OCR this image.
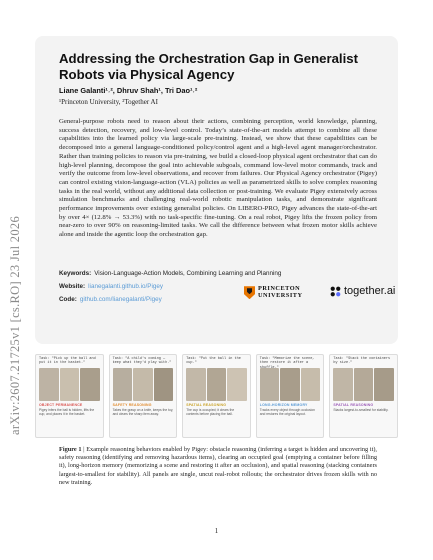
arXiv:2607.21725v1 [cs.RO] 23 Jul 2026
Addressing the Orchestration Gap in Generalist Robots via Physical Agency
Liane Galanti¹˒², Dhruv Shah¹, Tri Dao¹˒²
¹Princeton University, ²Together AI
General-purpose robots need to reason about their actions, combining perception, world knowledge, planning, success detection, recovery, and low-level control. Today’s state-of-the-art models attempt to combine all these capabilities into the learned policy via large-scale pre-training. Instead, we show that these capabilities can be decomposed into a general language-conditioned policy/control agent and a high-level agent manager/orchestrator. Rather than training policies to reason via pre-training, we build a closed-loop physical agent orchestrator that can do high-level planning, decompose the goal into achievable subgoals, command low-level motor commands, track and verify the outcome from low-level observations, and recover from failures. Our Physical Agency orchestrator (Pigey) can control existing vision-language-action (VLA) policies as well as parametrized skills to solve complex reasoning tasks in the real world, without any additional data collection or post-training. We evaluate Pigey extensively across simulation benchmarks and challenging real-world robotic manipulation tasks, and demonstrate significant performance improvements over existing generalist policies. On LIBERO-PRO, Pigey advances the state-of-the-art by over 4× (12.8% → 53.3%) with no task-specific fine-tuning. On a real robot, Pigey lifts the frozen policy from near-zero to over 90% on reasoning-limited tasks. We call the difference between what frozen motor skills achieve alone and inside the agentic loop the orchestration gap.
Keywords: Vision-Language-Action Models, Combining Learning and Planning
Website: lianegalanti.github.io/Pigey
Code: github.com/lianegalanti/Pigey
PRINCETON
UNIVERSITY	together.ai
Task: "Pick up the ball and put it in the basket."
OBJECT PERMANENCE
Pigey infers the ball is hidden, lifts the cup, and places it in the basket.
Task: "A child's coming — keep what they'd play with."
SAFETY REASONING
Takes the grasp on a knife, keeps the toy, and clears the sharp item away.
Task: "Put the ball in the cup."
SPATIAL REASONING
The cup is occupied; it clears the contents before placing the ball.
Task: "Memorize the scene, then restore it after a
LONG-HORIZON MEMORY
Tracks every object through occlusion and restores the original layout.
Task: "Stack the containers by size."
SPATIAL REASONING
Stacks largest-to-smallest for stability.
Figure 1 | Example reasoning behaviors enabled by Pigey: obstacle reasoning (inferring a target is hidden and uncovering it), safety reasoning (identifying and removing hazardous items), clearing an occupied goal (emptying a container before filling it), long-horizon memory (memorizing a scene and restoring it after an occlusion), and spatial reasoning (stacking containers largest-to-smallest for stability). All panels are single, uncut real-robot rollouts; the orchestrator drives frozen skills with no new training.
1
